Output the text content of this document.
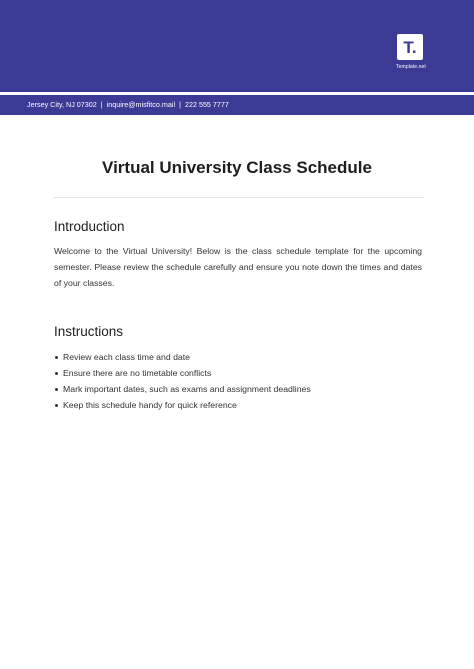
T.
Template.net
Jersey City, NJ 07302 | inquire@misfitco.mail | 222 555 7777
Virtual University Class Schedule
Introduction

Welcome to the Virtual University! Below is the class schedule template for the upcoming semester. Please review the schedule carefully and ensure you note down the times and dates of your classes.

Instructions
Review each class time and date
Ensure there are no timetable conflicts
Mark important dates, such as exams and assignment deadlines
Keep this schedule handy for quick reference
